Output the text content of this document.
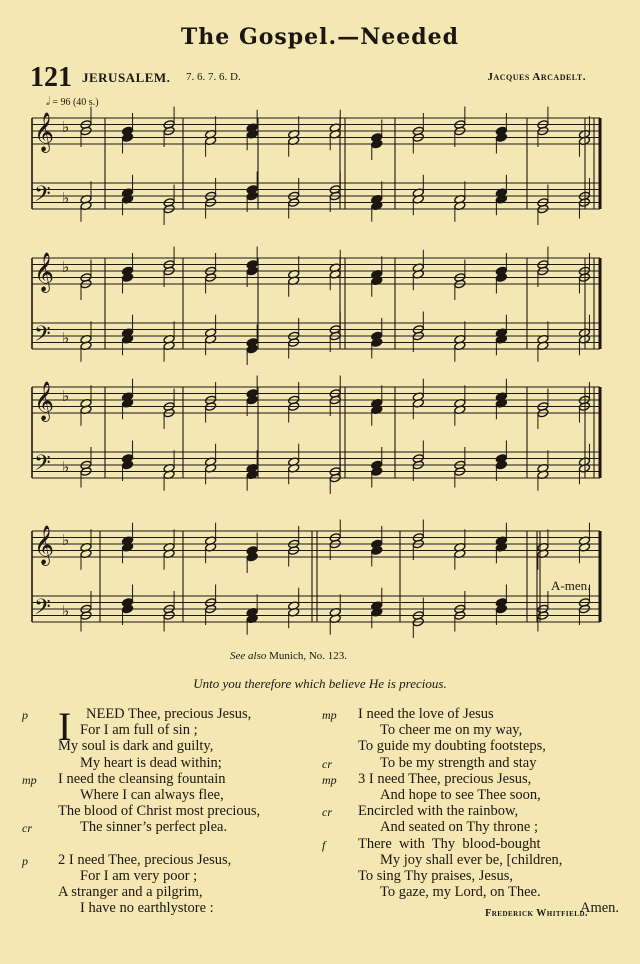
The Gospel.—Needed
121 JERUSALEM. 7. 6. 7. 6. D.	Jacques Arcadelt.
𝅗𝅥 = 96 (40 s.)
𝄞 ♭
𝄢 ♭
𝄞 ♭
𝄢 ♭
𝄞 ♭
𝄢 ♭
𝄞 ♭
𝄢 ♭
A-men.
See also Munich, No. 123.
Unto you therefore which believe He is precious.
p I NEED Thee, precious Jesus,
For I am full of sin ;
My soul is dark and guilty,
My heart is dead within;
mp I need the cleansing fountain
Where I can always flee,
The blood of Christ most precious,
cr	The sinner’s perfect plea.
p 2 I need Thee, precious Jesus,
For I am very poor ;
A stranger and a pilgrim,
I have no earthlystore :
mp I need the love of Jesus
To cheer me on my way,
To guide my doubting footsteps,
cr	To be my strength and stay
mp 3 I need Thee, precious Jesus,
And hope to see Thee soon,
cr Encircled with the rainbow,
And seated on Thy throne ;
f There  with  Thy  blood-bought
My joy shall ever be, [children,
To sing Thy praises, Jesus,
To gaze, my Lord, on Thee.
Amen.
Frederick Whitfield.
